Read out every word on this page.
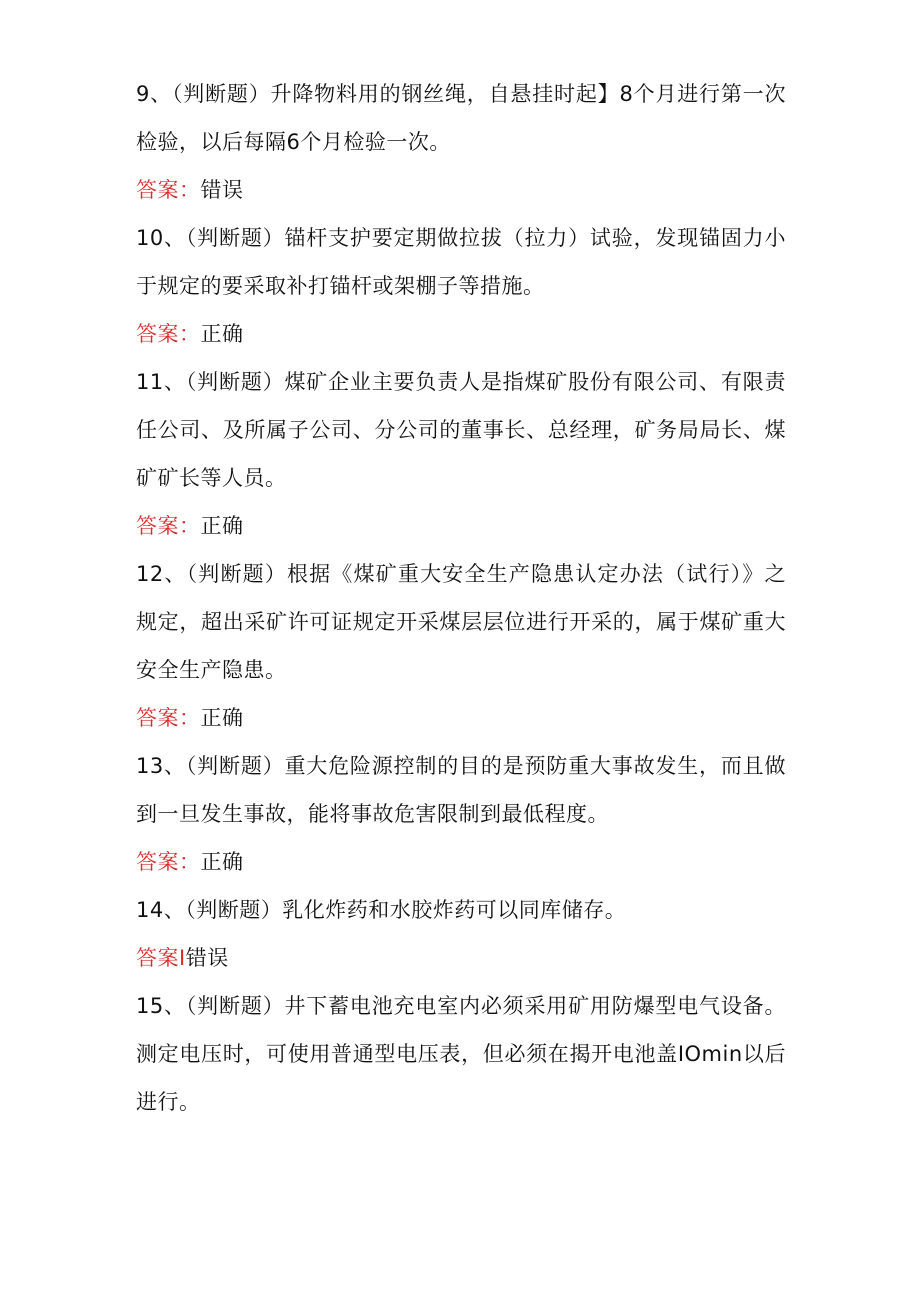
9、（判断题）升降物料用的钢丝绳，自悬挂时起】8个月进行第一次检验，以后每隔6个月检验一次。

答案：错误

10、（判断题）锚杆支护要定期做拉拔（拉力）试验，发现锚固力小于规定的要采取补打锚杆或架棚子等措施。

答案：正确

11、（判断题）煤矿企业主要负责人是指煤矿股份有限公司、有限责任公司、及所属子公司、分公司的董事长、总经理，矿务局局长、煤矿矿长等人员。

答案：正确

12、（判断题）根据《煤矿重大安全生产隐患认定办法（试行）》之规定，超出采矿许可证规定开采煤层层位进行开采的，属于煤矿重大安全生产隐患。

答案：正确

13、（判断题）重大危险源控制的目的是预防重大事故发生，而且做到一旦发生事故，能将事故危害限制到最低程度。

答案：正确

14、（判断题）乳化炸药和水胶炸药可以同库储存。

答案I错误

15、（判断题）井下蓄电池充电室内必须采用矿用防爆型电气设备。测定电压时，可使用普通型电压表，但必须在揭开电池盖IOmin以后进行。
